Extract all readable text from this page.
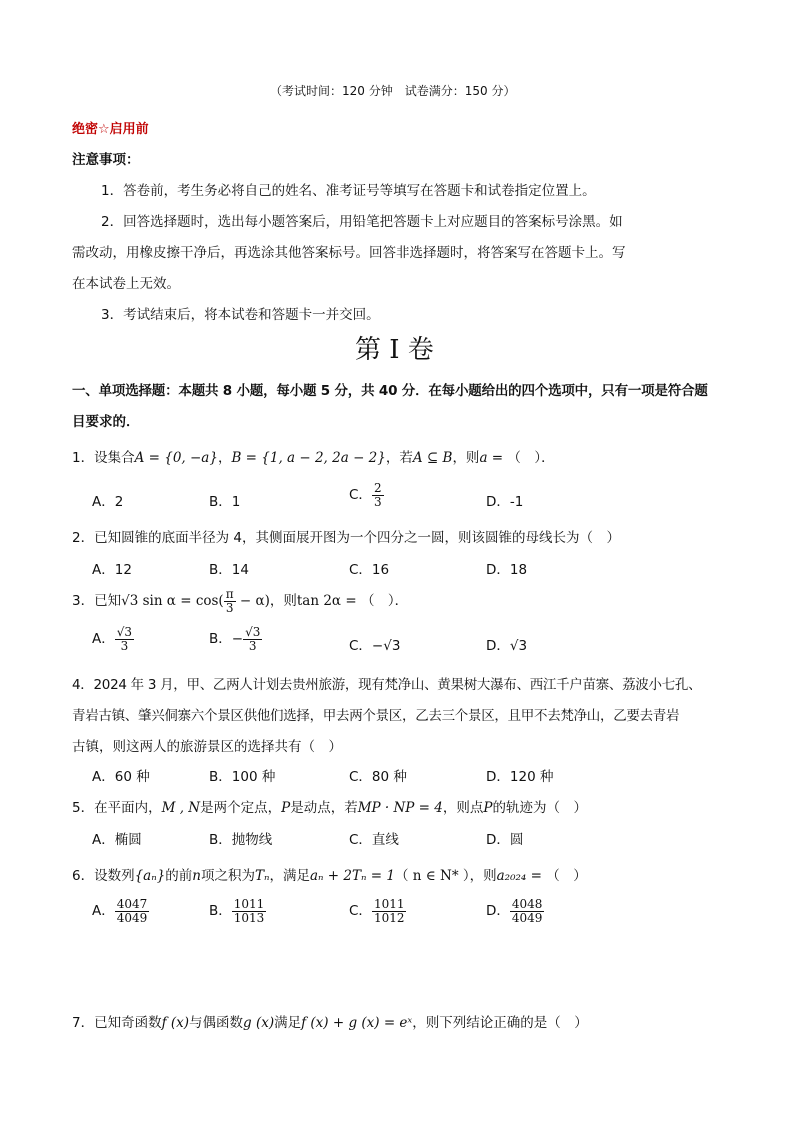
（考试时间：120 分钟　试卷满分：150 分）
绝密☆启用前
注意事项：
1．答卷前，考生务必将自己的姓名、准考证号等填写在答题卡和试卷指定位置上。
2．回答选择题时，选出每小题答案后，用铅笔把答题卡上对应题目的答案标号涂黑。如
需改动，用橡皮擦干净后，再选涂其他答案标号。回答非选择题时，将答案写在答题卡上。写
在本试卷上无效。
3．考试结束后，将本试卷和答题卡一并交回。
第 I 卷
一、单项选择题：本题共 8 小题，每小题 5 分，共 40 分．在每小题给出的四个选项中，只有一项是符合题
目要求的．
1．设集合A = {0, −a}，B = {1, a − 2, 2a − 2}，若A ⊆ B，则a = （　）．
A．2	B．1	C． $\frac{2}{3}$	D．-1
2．已知圆锥的底面半径为 4，其侧面展开图为一个四分之一圆，则该圆锥的母线长为（　）
A．12	B．14	C．16	D．18
3．已知√3 $\sin \alpha = \cos( \frac{\pi}{3} - \alpha)$，则tan 2α = （　）．
A． $\frac{√3}{3}$	B．− $\frac{√3}{3}$	C．−√3	D．√3
4．2024 年 3 月，甲、乙两人计划去贵州旅游，现有梵净山、黄果树大瀑布、西江千户苗寨、荔波小七孔、
青岩古镇、肇兴侗寨六个景区供他们选择，甲去两个景区，乙去三个景区，且甲不去梵净山，乙要去青岩
古镇，则这两人的旅游景区的选择共有（　）
A．60 种	B．100 种	C．80 种	D．120 种
5．在平面内，M , N是两个定点，P是动点，若MP · NP = 4，则点P的轨迹为（　）
A．椭圆	B．抛物线	C．直线	D．圆
6．设数列{aₙ}的前n项之积为Tₙ，满足aₙ + 2Tₙ = 1（ n ∈ N* ），则a₂₀₂₄ = （　）
A． $\frac{4047}{4049}$	B． $\frac{1011}{1013}$	C． $\frac{1011}{1012}$	D． $\frac{4048}{4049}$
7．已知奇函数f (x)与偶函数g (x)满足f (x) + g (x) = eˣ，则下列结论正确的是（　）
